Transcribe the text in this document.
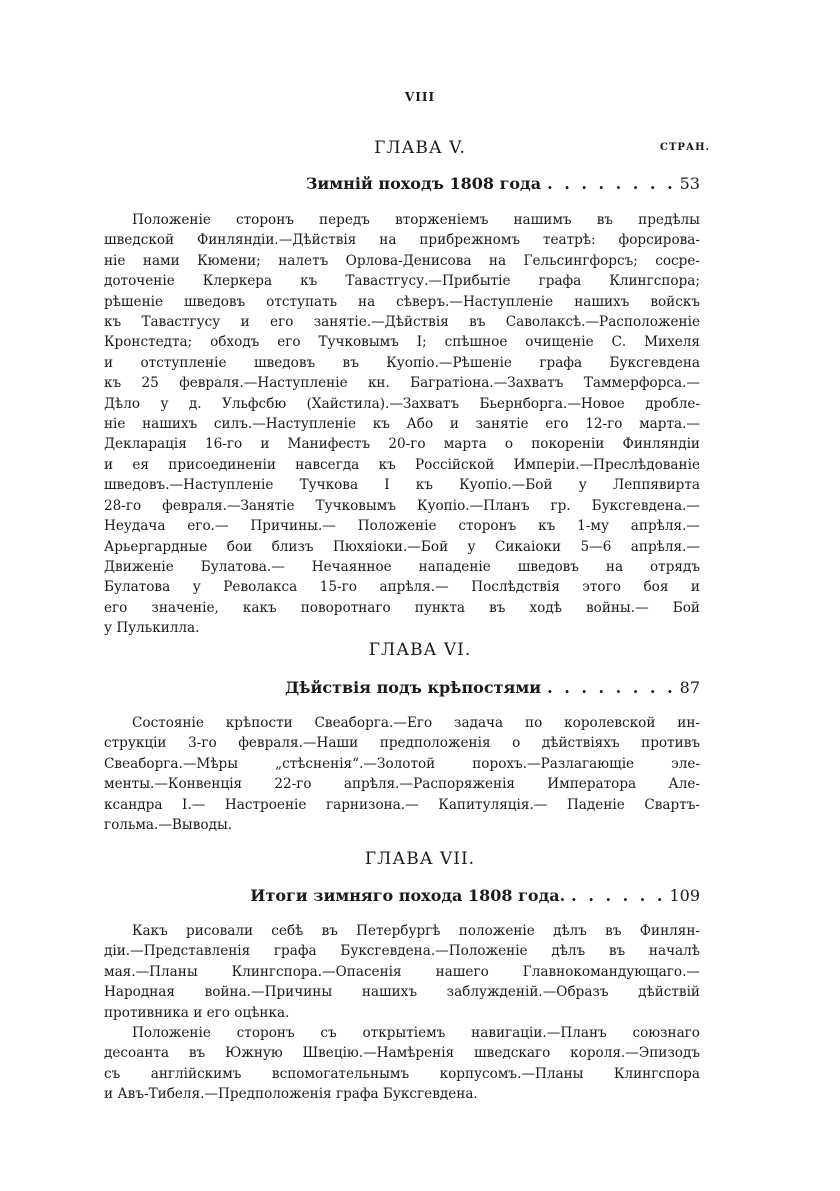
VIII
ГЛАВА V.	СТРАН.
Зимній походъ 1808 года . . . . . . . . 53
Положеніе сторонъ передъ вторженіемъ нашимъ въ предѣлы
шведской Финляндіи.—Дѣйствія на прибрежномъ театрѣ: форсирова-
ніе нами Кюмени; налетъ Орлова-Денисова на Гельсингфорсъ; сосре-
доточеніе Клеркера къ Тавастгусу.—Прибытіе графа Клингспора;
рѣшеніе шведовъ отступать на сѣверъ.—Наступленіе нашихъ войскъ
къ Тавастгусу и его занятіе.—Дѣйствія въ Саволаксѣ.—Расположеніе
Кронстедта; обходъ его Тучковымъ I; спѣшное очищеніе С. Михеля
и отступленіе шведовъ въ Куопіо.—Рѣшеніе графа Буксгевдена
къ 25 февраля.—Наступленіе кн. Багратіона.—Захватъ Таммерфорса.—
Дѣло у д. Ульфсбю (Хайстила).—Захватъ Бьернборга.—Новое дробле-
ніе нашихъ силъ.—Наступленіе къ Або и занятіе его 12-го марта.—
Декларація 16-го и Манифестъ 20-го марта о покореніи Финляндіи
и ея присоединеніи навсегда къ Россійской Имперіи.—Преслѣдованіе
шведовъ.—Наступленіе Тучкова I къ Куопіо.—Бой у Леппявирта
28-го февраля.—Занятіе Тучковымъ Куопіо.—Планъ гр. Буксгевдена.—
Неудача его.— Причины.— Положеніе сторонъ къ 1-му апрѣля.—
Арьергардные бои близъ Пюхяіоки.—Бой у Сикаіоки 5—6 апрѣля.—
Движеніе Булатова.— Нечаянное нападеніе шведовъ на отрядъ
Булатова у Револакса 15-го апрѣля.— Послѣдствія этого боя и
его значеніе, какъ поворотнаго пункта въ ходѣ войны.— Бой
у Пулькилла.
ГЛАВА VI.
Дѣйствія подъ крѣпостями . . . . . . . . 87
Состояніе крѣпости Свеаборга.—Его задача по королевской ин-
струкціи 3-го февраля.—Наши предположенія о дѣйствіяхъ противъ
Свеаборга.—Мѣры „стѣсненія“.—Золотой порохъ.—Разлагающіе эле-
менты.—Конвенція 22-го апрѣля.—Распоряженія Императора Але-
ксандра I.— Настроеніе гарнизона.— Капитуляція.— Паденіе Свартъ-
гольма.—Выводы.
ГЛАВА VII.
Итоги зимняго похода 1808 года. . . . . . . 109
Какъ рисовали себѣ въ Петербургѣ положеніе дѣлъ въ Финлян-
діи.—Представленія графа Буксгевдена.—Положеніе дѣлъ въ началѣ
мая.—Планы Клингспора.—Опасенія нашего Главнокомандующаго.—
Народная война.—Причины нашихъ заблужденій.—Образъ дѣйствій
противника и его оцѣнка.
Положеніе сторонъ съ открытіемъ навигаціи.—Планъ союзнаго
десоанта въ Южную Швецію.—Намѣренія шведскаго короля.—Эпизодъ
съ англійскимъ вспомогательнымъ корпусомъ.—Планы Клингспора
и Авъ-Тибеля.—Предположенія графа Буксгевдена.
